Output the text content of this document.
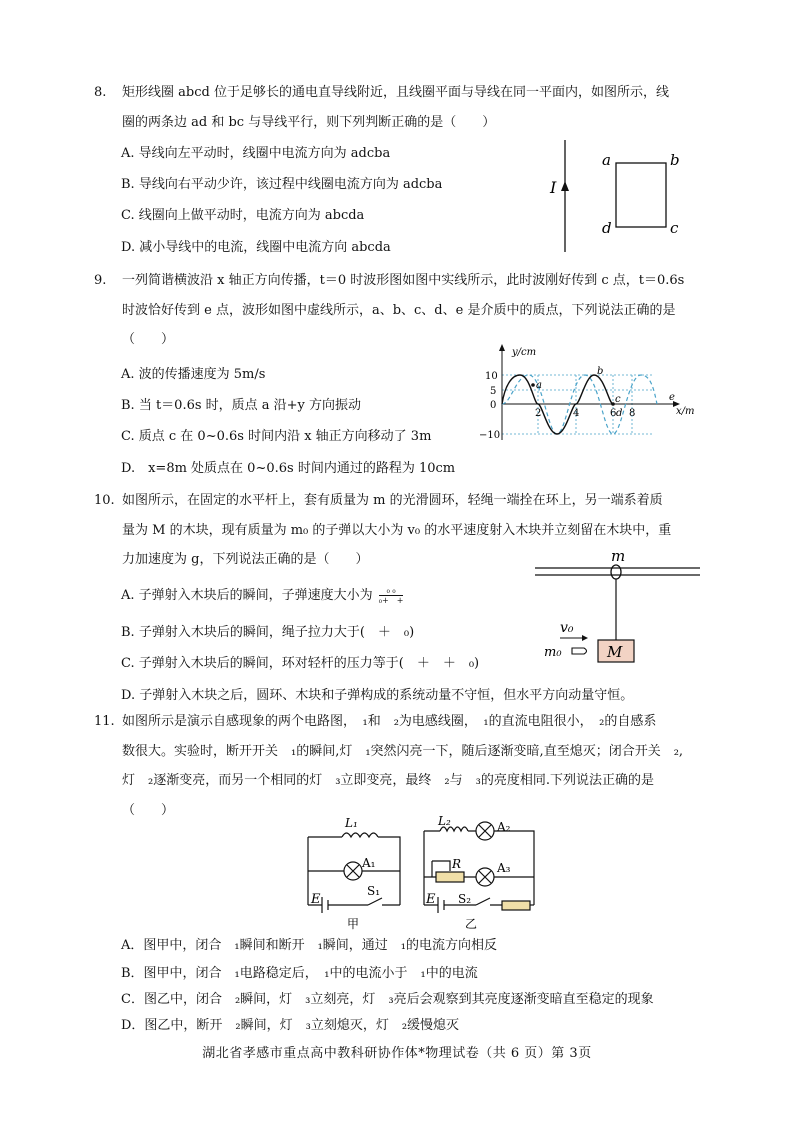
8. 矩形线圈 abcd 位于足够长的通电直导线附近，且线圈平面与导线在同一平面内，如图所示，线
圈的两条边 ad 和 bc 与导线平行，则下列判断正确的是（　　）
A. 导线向左平动时，线圈中电流方向为 adcba
B. 导线向右平动少许，该过程中线圈电流方向为 adcba
C. 线圈向上做平动时，电流方向为 abcda
D. 减小导线中的电流，线圈中电流方向 abcda
I
a	b
c
d
9. 一列简谐横波沿 x 轴正方向传播，t＝0 时波形图如图中实线所示，此时波刚好传到 c 点，t＝0.6s
时波恰好传到 e 点，波形如图中虚线所示，a、b、c、d、e 是介质中的质点，下列说法正确的是
（　　）
A. 波的传播速度为 5m/s
B. 当 t＝0.6s 时，质点 a 沿+y 方向振动
C. 质点 c 在 0~0.6s 时间内沿 x 轴正方向移动了 3m
D.　x=8m 处质点在 0~0.6s 时间内通过的路程为 10cm
y/cm
x/m
10
5
0
−10
2	4	6 8
a
b
c
d
e
10. 如图所示，在固定的水平杆上，套有质量为 m 的光滑圆环，轻绳一端拴在环上，另一端系着质
量为 M 的木块，现有质量为 m₀ 的子弹以大小为 v₀ 的水平速度射入木块并立刻留在木块中，重
力加速度为 g，下列说法正确的是（　　）
A. 子弹射入木块后的瞬间，子弹速度大小为	₀ ₀
₀+　+
B. 子弹射入木块后的瞬间，绳子拉力大于(　＋　₀)
C. 子弹射入木块后的瞬间，环对轻杆的压力等于(　＋　＋　₀)
D. 子弹射入木块之后，圆环、木块和子弹构成的系统动量不守恒，但水平方向动量守恒。
m
M
v₀
m₀
11. 如图所示是演示自感现象的两个电路图，　₁和　₂为电感线圈，　₁的直流电阻很小，　₂的自感系
数很大。实验时，断开开关　₁的瞬间,灯　₁突然闪亮一下，随后逐渐变暗,直至熄灭；闭合开关　₂,
灯　₂逐渐变亮，而另一个相同的灯　₃立即变亮，最终　₂与　₃的亮度相同.下列说法正确的是
（　　）
L₁
A₁
E
S₁
甲
L₂	A₂
R	A₃
E S₂
乙
A．图甲中，闭合　₁瞬间和断开　₁瞬间，通过　₁的电流方向相反
B．图甲中，闭合　₁电路稳定后，　₁中的电流小于　₁中的电流
C．图乙中，闭合　₂瞬间，灯　₃立刻亮，灯　₃亮后会观察到其亮度逐渐变暗直至稳定的现象
D．图乙中，断开　₂瞬间，灯　₃立刻熄灭，灯　₂缓慢熄灭
湖北省孝感市重点高中教科研协作体*物理试卷（共 6 页）第 3页
